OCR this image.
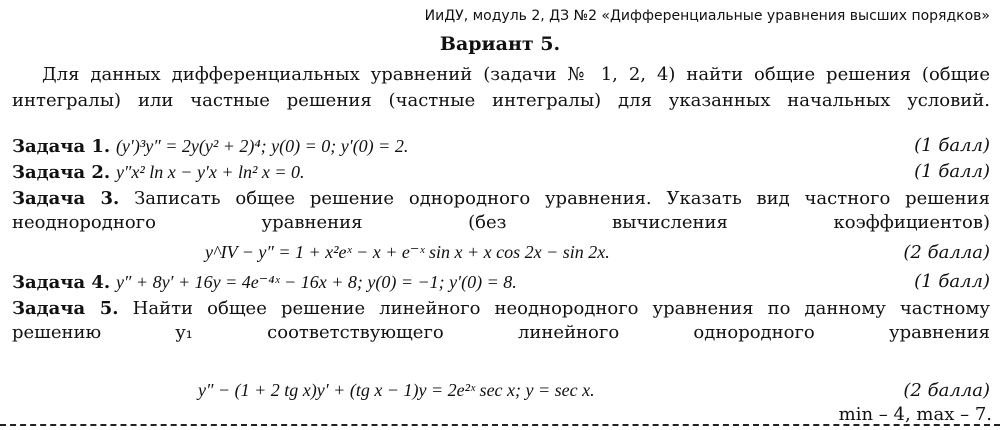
ИиДУ, модуль 2, ДЗ №2 «Дифференциальные уравнения высших порядков»
Вариант 5.
Для данных дифференциальных уравнений (задачи № 1, 2, 4) найти общие решения (общие интегралы) или частные решения (частные интегралы) для указанных начальных условий.
Задача 1. (y′)³y″ = 2y(y² + 2)⁴; y(0) = 0; y′(0) = 2.	(1 балл)
Задача 2. y″x² ln x − y′x + ln² x = 0.	(1 балл)
Задача 3. Записать общее решение однородного уравнения. Указать вид частного решения неоднородного уравнения (без вычисления коэффициентов)
y^IV − y″ = 1 + x²eˣ − x + e⁻ˣ sin x + x cos 2x − sin 2x.	(2 балла)
Задача 4. y″ + 8y′ + 16y = 4e⁻⁴ˣ − 16x + 8; y(0) = −1; y′(0) = 8.	(1 балл)
Задача 5. Найти общее решение линейного неоднородного уравнения по данному частному решению y₁ соответствующего линейного однородного уравнения
y″ − (1 + 2 tg x)y′ + (tg x − 1)y = 2e²ˣ sec x; y = sec x.	(2 балла)
min – 4, max – 7.
